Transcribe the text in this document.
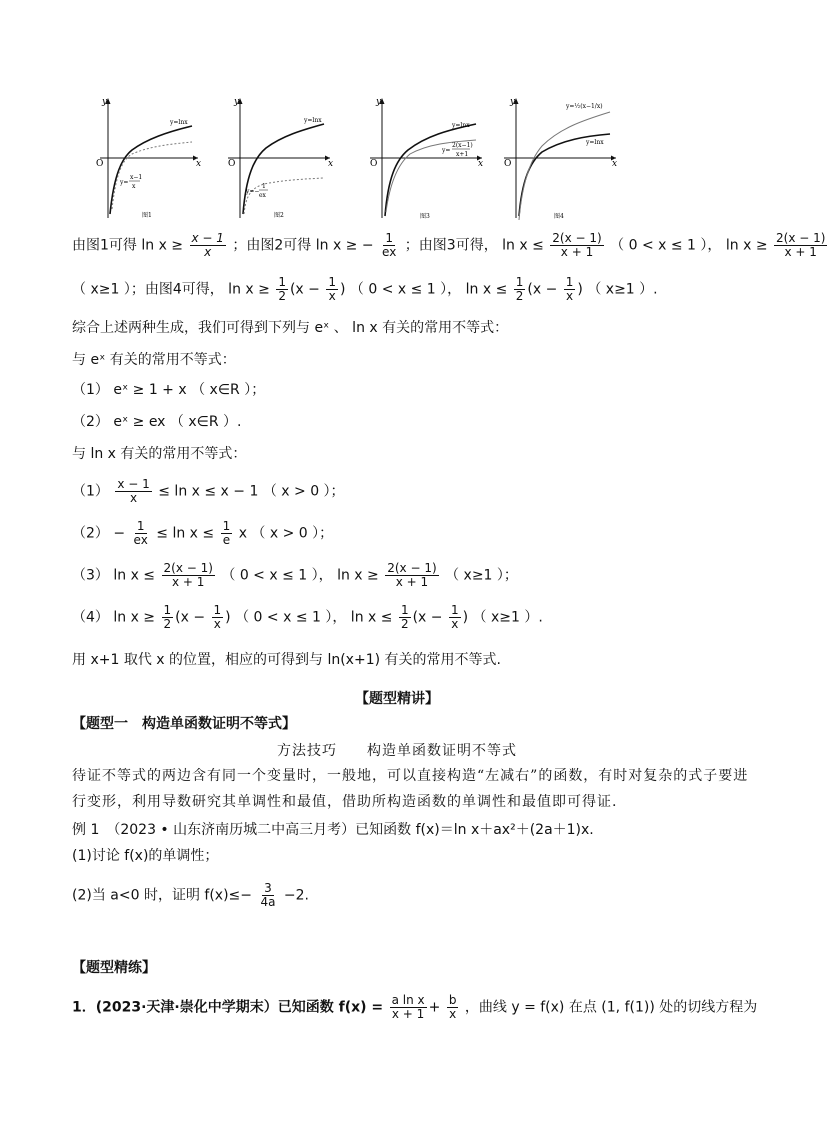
y
x
O
y=lnx
y=
x−1
x
图1
y
x
O
y=lnx
y=−
1
ex
图2
y
x
O
y=lnx
y=
2(x−1)
x+1
图3
y
x
O
y=½(x−1/x)
y=lnx
图4
由图1可得 $\ln x \ge \frac{x - 1}{x}$ ；由图2可得 ln x ≥ − $\frac{1}{ex}$ ；由图3可得， $\ln x \le \frac{2(x - 1)}{x + 1}$ （ 0 < x ≤ 1 ）， $\ln x \ge \frac{2(x - 1)}{x + 1}$
（ x≥1 ）；由图4可得， $\ln x \ge \frac{1}{2} (x - \frac{1}{x}$ ) （ 0 < x ≤ 1 ）， $\ln x \le \frac{1}{2} (x - \frac{1}{x}$ ) （ x≥1 ）.
综合上述两种生成，我们可得到下列与 eˣ 、 ln x 有关的常用不等式：
与 eˣ 有关的常用不等式：
（1） eˣ ≥ 1 + x （ x∈R ）；
（2） eˣ ≥ ex （ x∈R ）.
与 ln x 有关的常用不等式：
$(1) \frac{x - 1}{x} \le \ln x \le x - 1$ （ x > 0 ）；
$(2) - \frac{1}{ex} \le \ln x \le \frac{1}{e}$ x （ x > 0 ）；
（3） $\ln x \le \frac{2(x - 1)}{x + 1}$ （ 0 < x ≤ 1 ）， $\ln x \ge \frac{2(x - 1)}{x + 1}$ （ x≥1 ）；
（4） $\ln x \ge \frac{1}{2} (x - \frac{1}{x}$ ) （ 0 < x ≤ 1 ）， $\ln x \le \frac{1}{2} (x - \frac{1}{x}$ ) （ x≥1 ）.
用 x+1 取代 x 的位置，相应的可得到与 ln(x+1) 有关的常用不等式.
【题型精讲】
【题型一　构造单函数证明不等式】
方法技巧　　构造单函数证明不等式
待证不等式的两边含有同一个变量时，一般地，可以直接构造“左减右”的函数，有时对复杂的式子要进
行变形，利用导数研究其单调性和最值，借助所构造函数的单调性和最值即可得证.
例 1　（2023 • 山东济南历城二中高三月考）已知函数 f(x)＝ln x＋ax²＋(2a＋1)x.
(1)讨论 f(x)的单调性；
(2)当 a<0 时，证明 $f(x)\le- \frac{3}{4a} -2$.
【题型精练】
1．(2023·天津·崇化中学期末）已知函数 $f(x) = \frac{\text{a ln x}}{x + 1} + \frac{b}{x}$ ，曲线 y = f(x) 在点 (1, f(1)) 处的切线方程为
